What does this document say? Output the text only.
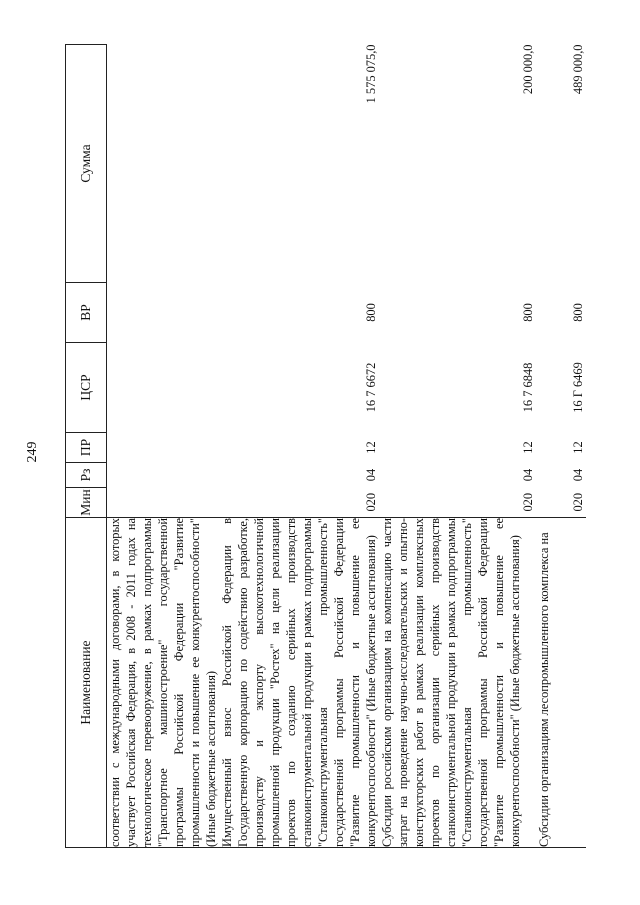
249
Наименование	Мин	Рз	ПР	ЦСР	ВР	Сумма
соответствии с международными договорами, в которых участвует Российская Федерация, в 2008 - 2011 годах на технологическое перевооружение, в рамках подпрограммы "Транспортное машиностроение" государственной программы Российской Федерации "Развитие промышленности и повышение ее конкурентоспособности" (Иные бюджетные ассигнования)						
Имущественный взнос Российской Федерации в Государственную корпорацию по содействию разработке, производству и экспорту высокотехнологичной промышленной продукции "Ростех" на цели реализации проектов по созданию серийных производств станкоинструментальной продукции в рамках подпрограммы "Станкоинструментальная промышленность" государственной программы Российской Федерации "Развитие промышленности и повышение ее конкурентоспособности" (Иные бюджетные ассигнования)	020	04	12	16 7 6672	800	1 575 075,0
Субсидии российским организациям на компенсацию части затрат на проведение научно-исследовательских и опытно-конструкторских работ в рамках реализации комплексных проектов по организации серийных производств станкоинструментальной продукции в рамках подпрограммы "Станкоинструментальная промышленность" государственной программы Российской Федерации "Развитие промышленности и повышение ее конкурентоспособности" (Иные бюджетные ассигнования)	020	04	12	16 7 6848	800	200 000,0
Субсидии организациям лесопромышленного комплекса на	020	04	12	16 Г 6469	800	489 000,0
